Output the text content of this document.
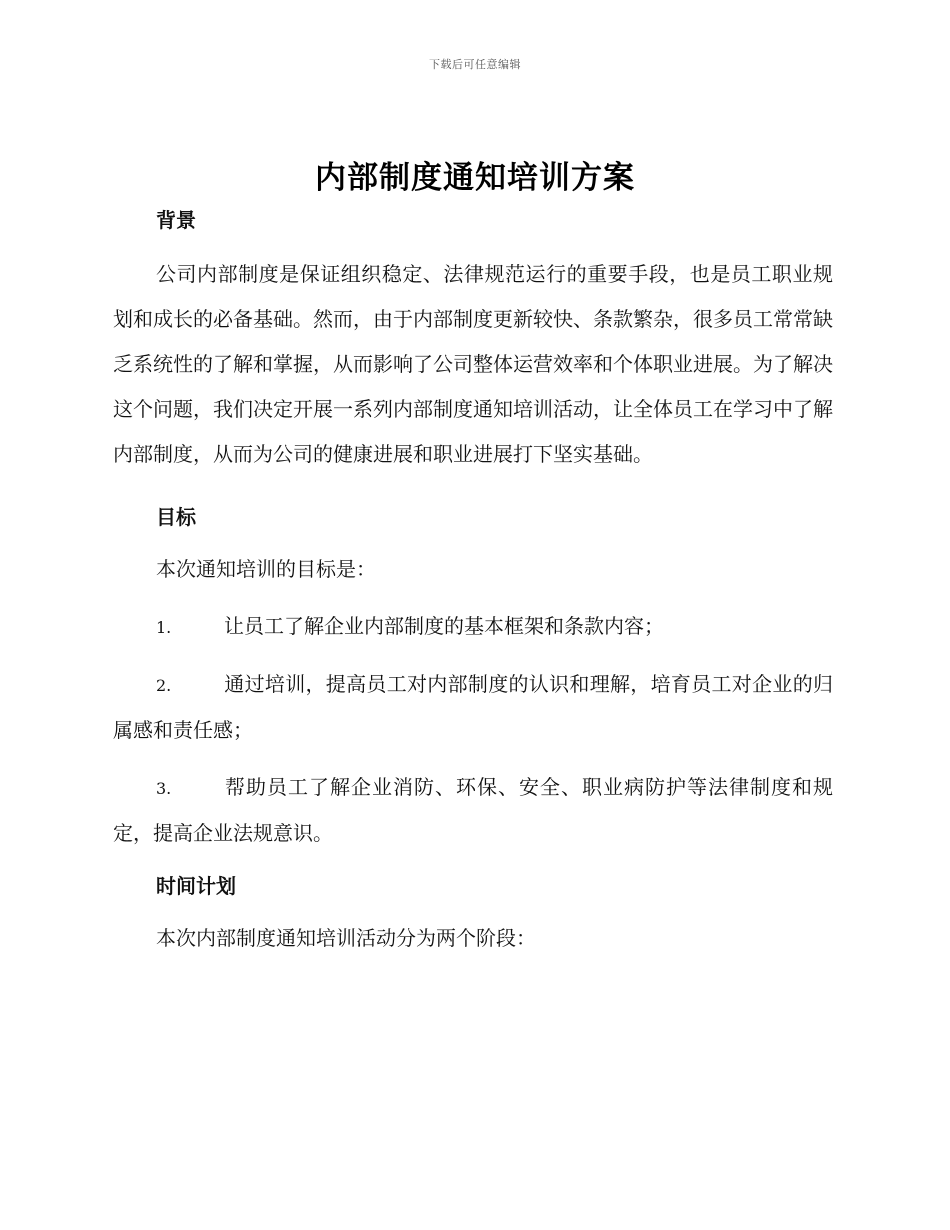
下载后可任意编辑
内部制度通知培训方案
背景

公司内部制度是保证组织稳定、法律规范运行的重要手段，也是员工职业规划和成长的必备基础。然而，由于内部制度更新较快、条款繁杂，很多员工常常缺乏系统性的了解和掌握，从而影响了公司整体运营效率和个体职业进展。为了解决这个问题，我们决定开展一系列内部制度通知培训活动，让全体员工在学习中了解内部制度，从而为公司的健康进展和职业进展打下坚实基础。

目标

本次通知培训的目标是：

1.	让员工了解企业内部制度的基本框架和条款内容；

2.	通过培训，提高员工对内部制度的认识和理解，培育员工对企业的归属感和责任感；

3.	帮助员工了解企业消防、环保、安全、职业病防护等法律制度和规定，提高企业法规意识。

时间计划

本次内部制度通知培训活动分为两个阶段：
